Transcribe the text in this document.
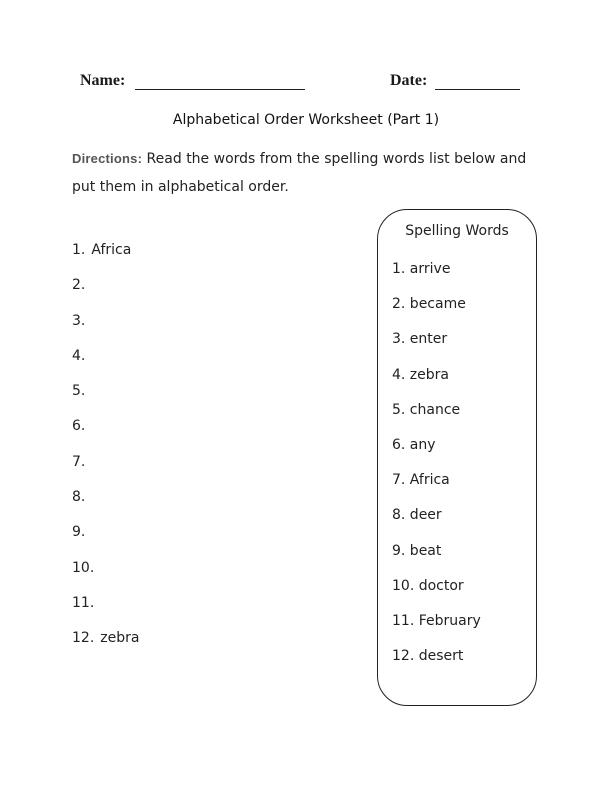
Name:	Date:
Alphabetical Order Worksheet (Part 1)
Directions: Read the words from the spelling words list below and put them in alphabetical order.
1. Africa
2.
3.
4.
5.
6.
7.
8.
9.
10.
11.
12. zebra
Spelling Words
1. arrive
2. became
3. enter
4. zebra
5. chance
6. any
7. Africa
8. deer
9. beat
10. doctor
11. February
12. desert
